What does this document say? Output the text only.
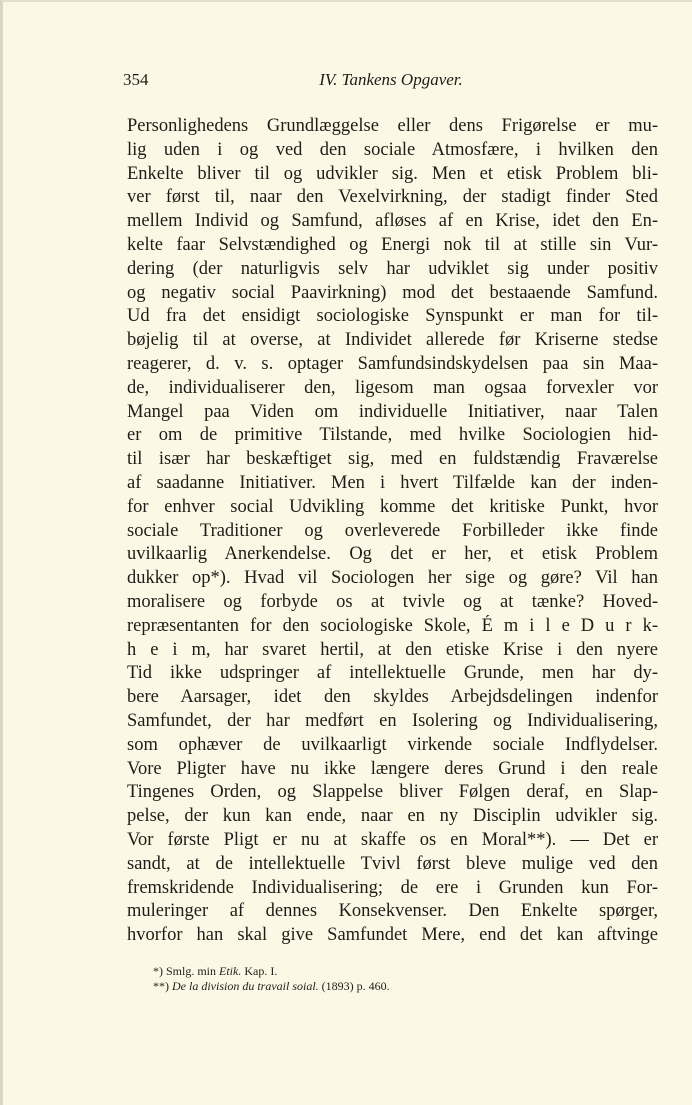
354	IV. Tankens Opgaver.
Personlighedens Grundlæggelse eller dens Frigørelse er mu-
lig uden i og ved den sociale Atmosfære, i hvilken den
Enkelte bliver til og udvikler sig. Men et etisk Problem bli-
ver først til, naar den Vexelvirkning, der stadigt finder Sted
mellem Individ og Samfund, afløses af en Krise, idet den En-
kelte faar Selvstændighed og Energi nok til at stille sin Vur-
dering (der naturligvis selv har udviklet sig under positiv
og negativ social Paavirkning) mod det bestaaende Samfund.
Ud fra det ensidigt sociologiske Synspunkt er man for til-
bøjelig til at overse, at Individet allerede før Kriserne stedse
reagerer, d. v. s. optager Samfundsindskydelsen paa sin Maa-
de, individualiserer den, ligesom man ogsaa forvexler vor
Mangel paa Viden om individuelle Initiativer, naar Talen
er om de primitive Tilstande, med hvilke Sociologien hid-
til især har beskæftiget sig, med en fuldstændig Fraværelse
af saadanne Initiativer. Men i hvert Tilfælde kan der inden-
for enhver social Udvikling komme det kritiske Punkt, hvor
sociale Traditioner og overleverede Forbilleder ikke finde
uvilkaarlig Anerkendelse. Og det er her, et etisk Problem
dukker op*). Hvad vil Sociologen her sige og gøre? Vil han
moralisere og forbyde os at tvivle og at tænke? Hoved-
repræsentanten for den sociologiske Skole, É m i l e D u r k-
h e i m, har svaret hertil, at den etiske Krise i den nyere
Tid ikke udspringer af intellektuelle Grunde, men har dy-
bere Aarsager, idet den skyldes Arbejdsdelingen indenfor
Samfundet, der har medført en Isolering og Individualisering,
som ophæver de uvilkaarligt virkende sociale Indflydelser.
Vore Pligter have nu ikke længere deres Grund i den reale
Tingenes Orden, og Slappelse bliver Følgen deraf, en Slap-
pelse, der kun kan ende, naar en ny Disciplin udvikler sig.
Vor første Pligt er nu at skaffe os en Moral**). — Det er
sandt, at de intellektuelle Tvivl først bleve mulige ved den
fremskridende Individualisering; de ere i Grunden kun For-
muleringer af dennes Konsekvenser. Den Enkelte spørger,
hvorfor han skal give Samfundet Mere, end det kan aftvinge
*) Smlg. min Etik. Kap. I.
**) De la division du travail soial. (1893) p. 460.
